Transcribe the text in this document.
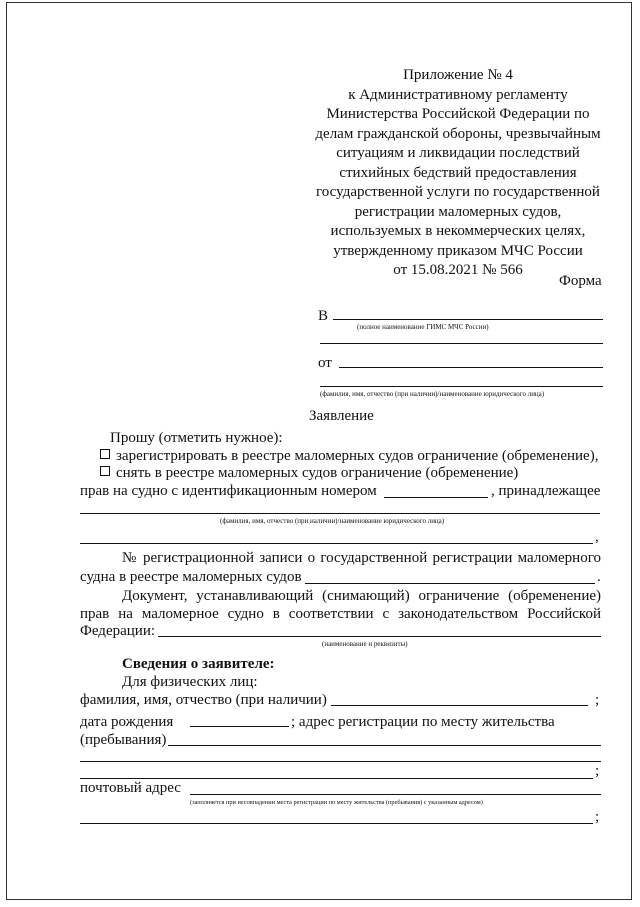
Приложение № 4
к Административному регламенту
Министерства Российской Федерации по
делам гражданской обороны, чрезвычайным
ситуациям и ликвидации последствий
стихийных бедствий предоставления
государственной услуги по государственной
регистрации маломерных судов,
используемых в некоммерческих целях,
утвержденному приказом МЧС России
от 15.08.2021 № 566
Форма
В
(полное наименование ГИМС МЧС России)
от
(фамилия, имя, отчество (при наличии)/наименование юридического лица)
Заявление
Прошу (отметить нужное):
зарегистрировать в реестре маломерных судов ограничение (обременение),
снять в реестре маломерных судов ограничение (обременение)
прав на судно с идентификационным номером	, принадлежащее
(фамилия, имя, отчество (при наличии)/наименование юридического лица)
,
№ регистрационной записи о государственной регистрации маломерного
судна в реестре маломерных судов	.
Документ, устанавливающий (снимающий) ограничение (обременение)
прав на маломерное судно в соответствии с законодательством Российской
Федерации:
(наименование и реквизиты)
Сведения о заявителе:
Для физических лиц:
фамилия, имя, отчество (при наличии)	;
дата рождения	; адрес регистрации по месту жительства
(пребывания)
;
почтовый адрес
(заполняется при несовпадении места регистрации по месту жительства (пребывания) с указанным адресом)
;
